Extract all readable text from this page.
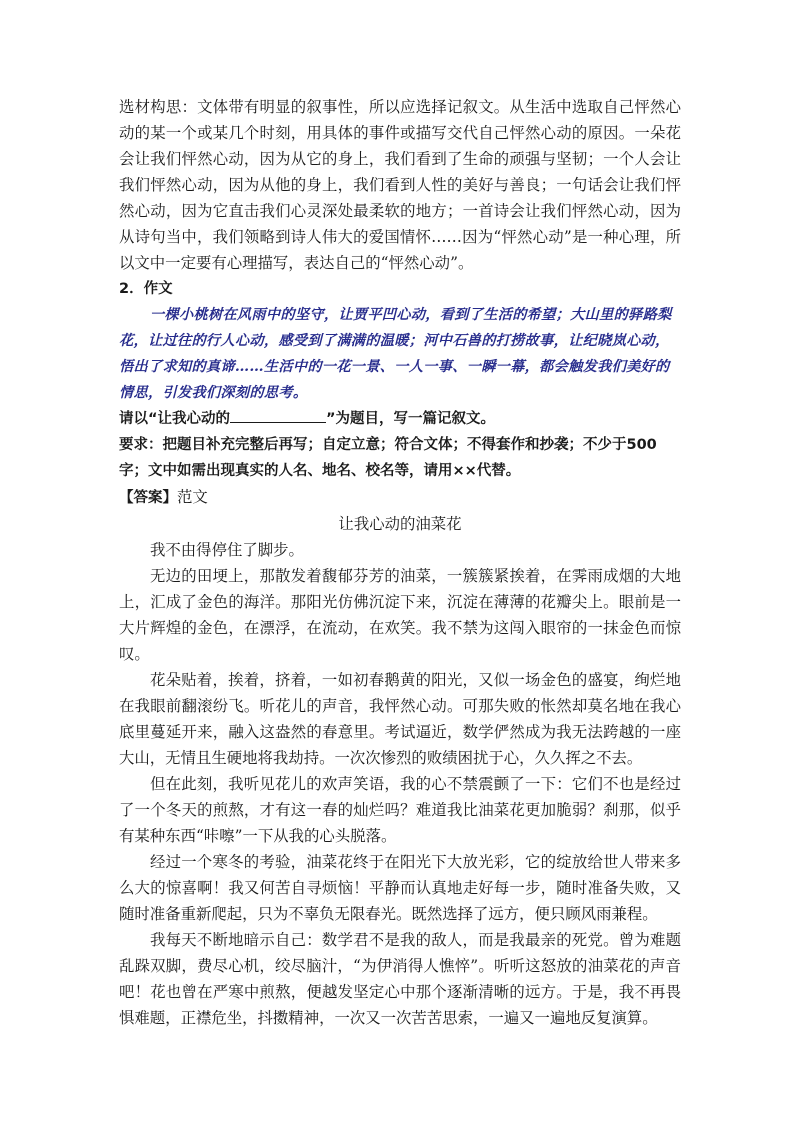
选材构思：文体带有明显的叙事性，所以应选择记叙文。从生活中选取自己怦然心动的某一个或某几个时刻，用具体的事件或描写交代自己怦然心动的原因。一朵花会让我们怦然心动，因为从它的身上，我们看到了生命的顽强与坚韧；一个人会让我们怦然心动，因为从他的身上，我们看到人性的美好与善良；一句话会让我们怦然心动，因为它直击我们心灵深处最柔软的地方；一首诗会让我们怦然心动，因为从诗句当中，我们领略到诗人伟大的爱国情怀……因为“怦然心动”是一种心理，所以文中一定要有心理描写，表达自己的“怦然心动”。

2．作文

一棵小桃树在风雨中的坚守，让贾平凹心动，看到了生活的希望；大山里的驿路梨花，让过往的行人心动，感受到了满满的温暖；河中石兽的打捞故事，让纪晓岚心动，悟出了求知的真谛……生活中的一花一景、一人一事、一瞬一幕，都会触发我们美好的情思，引发我们深刻的思考。

请以“让我心动的	”为题目，写一篇记叙文。

要求：把题目补充完整后再写；自定立意；符合文体；不得套作和抄袭；不少于500字；文中如需出现真实的人名、地名、校名等，请用××代替。

【答案】范文

让我心动的油菜花

我不由得停住了脚步。

无边的田埂上，那散发着馥郁芬芳的油菜，一簇簇紧挨着，在霁雨成烟的大地上，汇成了金色的海洋。那阳光仿佛沉淀下来，沉淀在薄薄的花瓣尖上。眼前是一大片辉煌的金色，在漂浮，在流动，在欢笑。我不禁为这闯入眼帘的一抹金色而惊叹。

花朵贴着，挨着，挤着，一如初春鹅黄的阳光，又似一场金色的盛宴，绚烂地在我眼前翻滚纷飞。听花儿的声音，我怦然心动。可那失败的怅然却莫名地在我心底里蔓延开来，融入这盎然的春意里。考试逼近，数学俨然成为我无法跨越的一座大山，无情且生硬地将我劫持。一次次惨烈的败绩困扰于心，久久挥之不去。

但在此刻，我听见花儿的欢声笑语，我的心不禁震颤了一下：它们不也是经过了一个冬天的煎熬，才有这一春的灿烂吗？难道我比油菜花更加脆弱？刹那，似乎有某种东西“咔嚓”一下从我的心头脱落。

经过一个寒冬的考验，油菜花终于在阳光下大放光彩，它的绽放给世人带来多么大的惊喜啊！我又何苦自寻烦恼！平静而认真地走好每一步，随时准备失败，又随时准备重新爬起，只为不辜负无限春光。既然选择了远方，便只顾风雨兼程。

我每天不断地暗示自己：数学君不是我的敌人，而是我最亲的死党。曾为难题乱跺双脚，费尽心机，绞尽脑汁，“为伊消得人憔悴”。听听这怒放的油菜花的声音吧！花也曾在严寒中煎熬，便越发坚定心中那个逐渐清晰的远方。于是，我不再畏惧难题，正襟危坐，抖擞精神，一次又一次苦苦思索，一遍又一遍地反复演算。
